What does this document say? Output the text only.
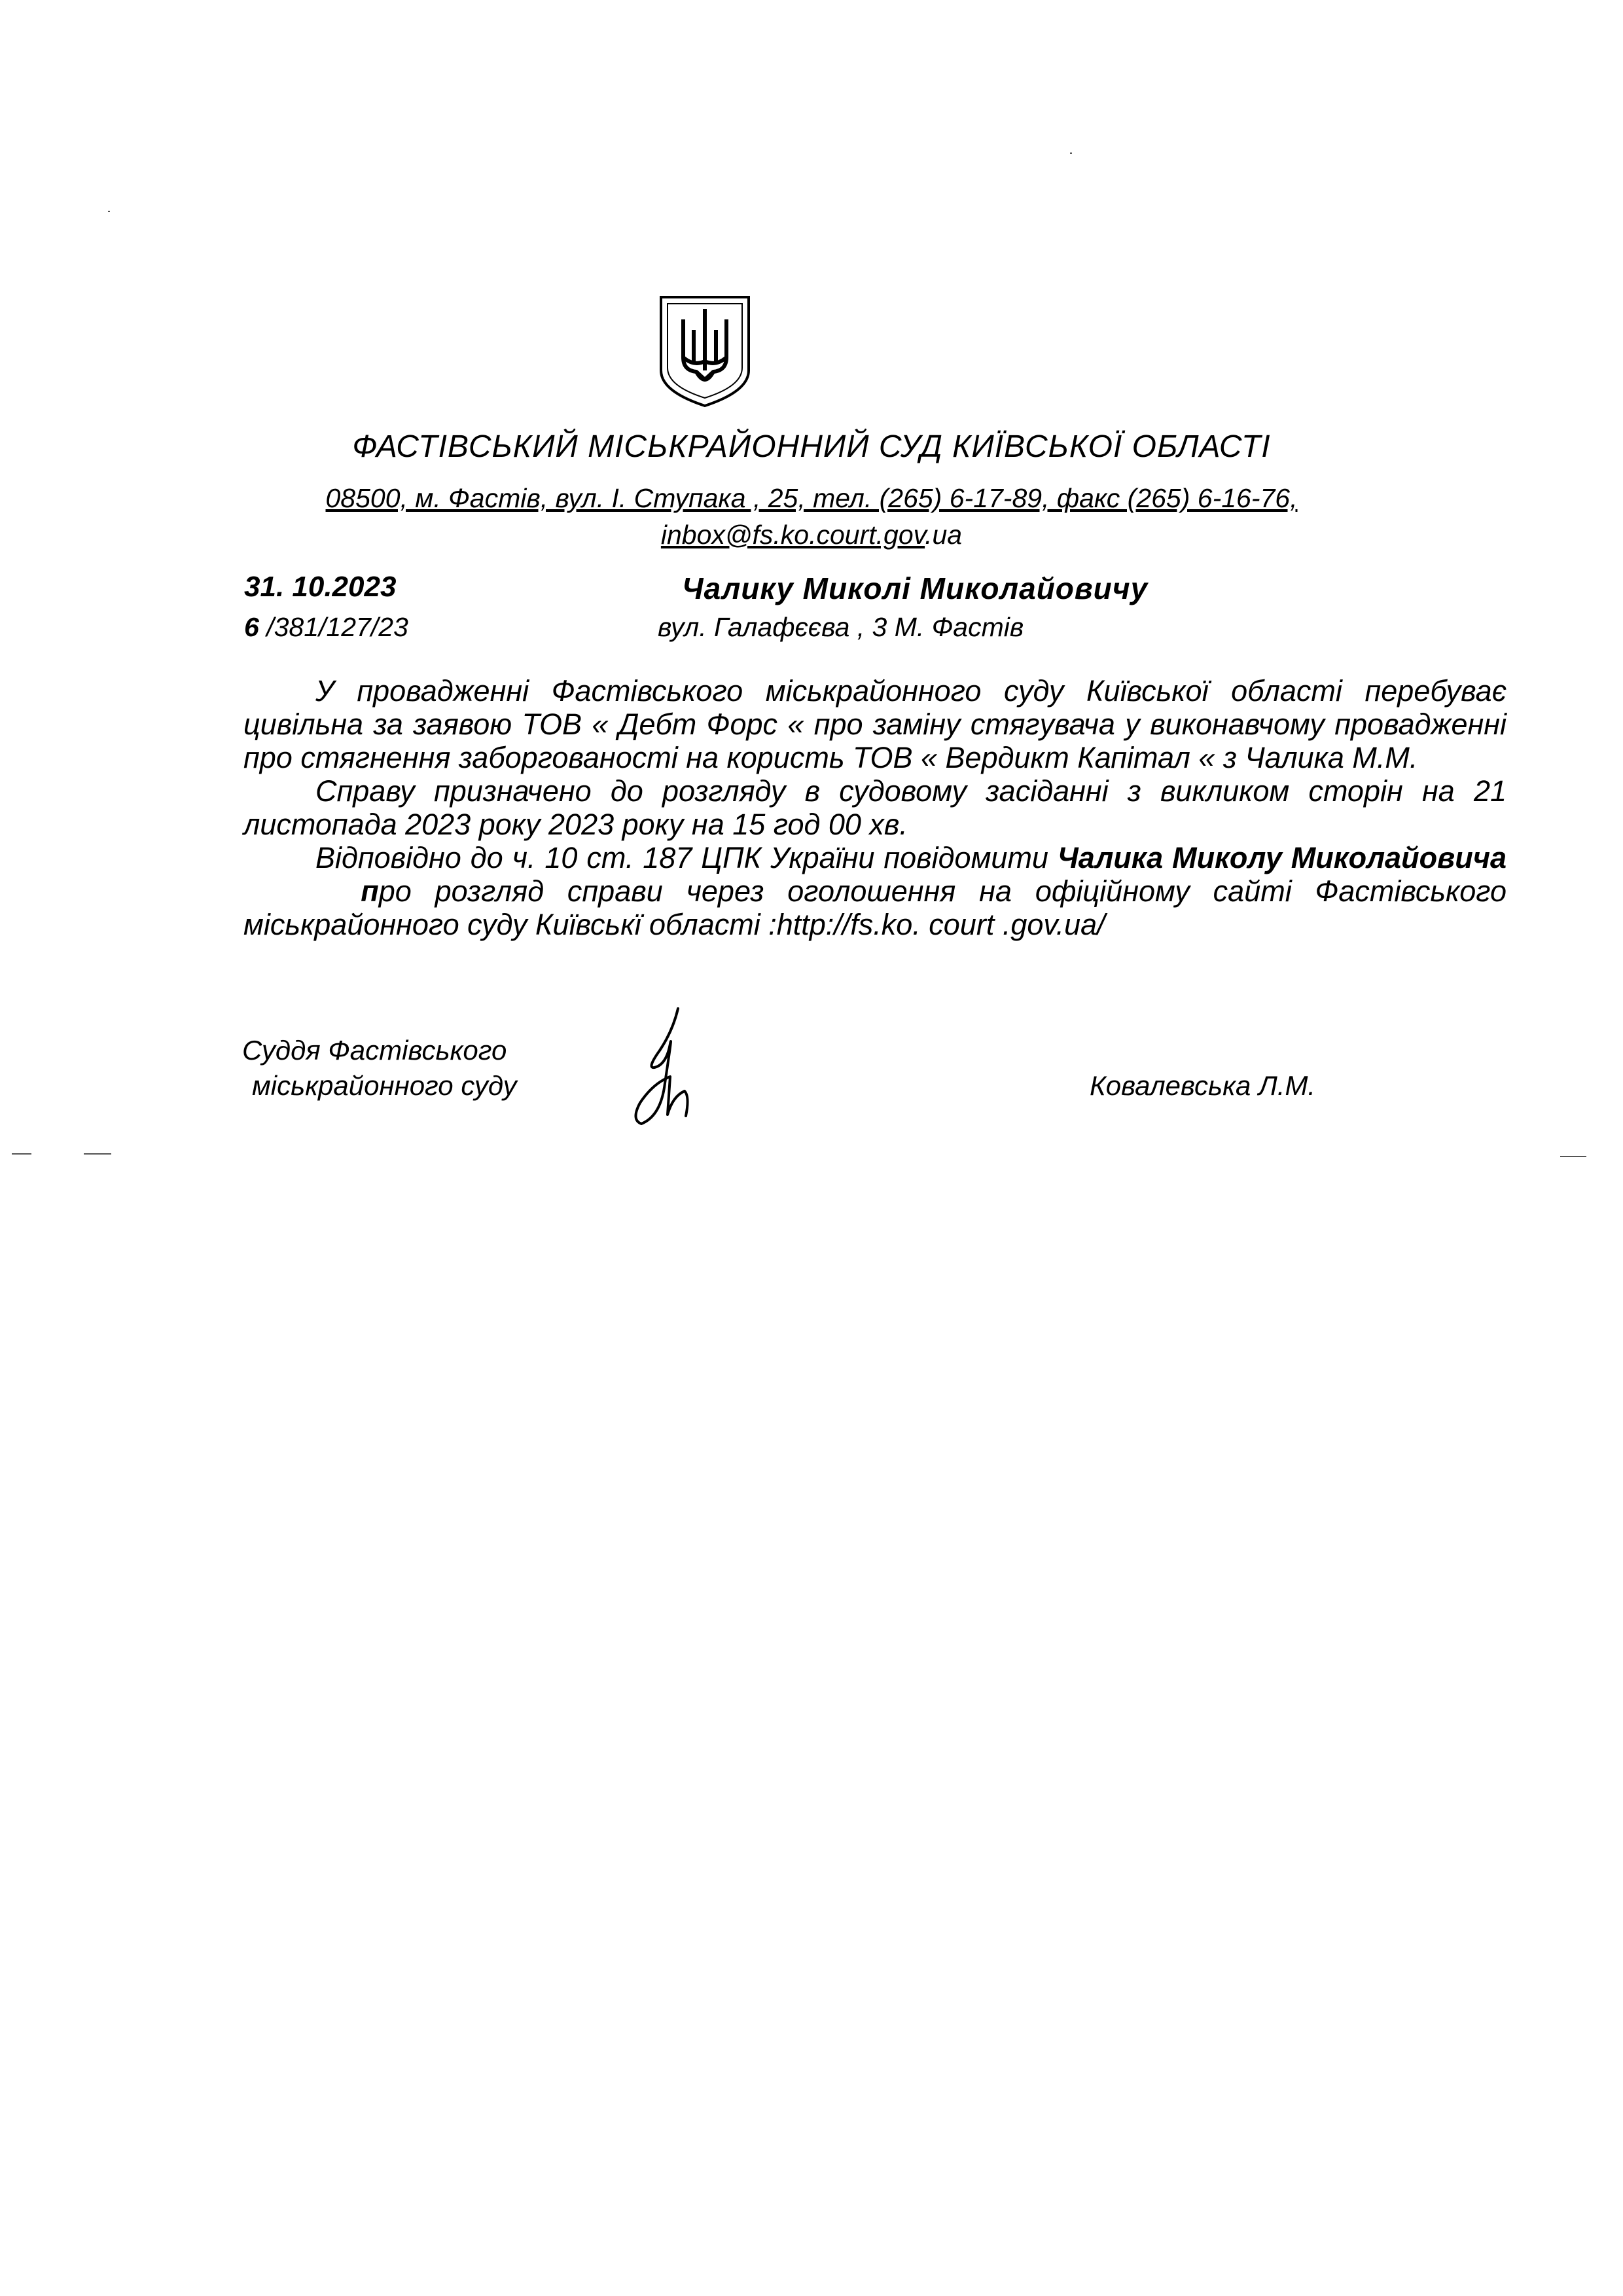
ФАСТІВСЬКИЙ МІСЬКРАЙОННИЙ СУД КИЇВСЬКОЇ ОБЛАСТІ
08500, м. Фастів, вул. І. Ступака , 25, тел. (265) 6-17-89, факс (265) 6-16-76,
inbox@fs.ko.court.gov.ua
31. 10.2023	Чалику Миколі Миколайовичу
6 /381/127/23	вул. Галафєєва , 3 М. Фастів

У провадженні Фастівського міськрайонного суду Київської області перебуває цивільна за заявою ТОВ « Дебт Форс « про заміну стягувача у виконавчому провадженні про стягнення заборгованості на користь ТОВ « Вердикт Капітал « з Чалика М.М.

Справу призначено до розгляду в судовому засіданні з викликом сторін на 21 листопада 2023 року 2023 року на 15 год 00 хв.

Відповідно до ч. 10 ст. 187 ЦПК України повідомити Чалика Миколу Миколайовича     про розгляд справи через оголошення на офіційному сайті Фастівського міськрайонного суду Київськї області :http://fs.ko. court .gov.ua/

Суддя Фастівського
міськрайонного суду	Ковалевська Л.М.
